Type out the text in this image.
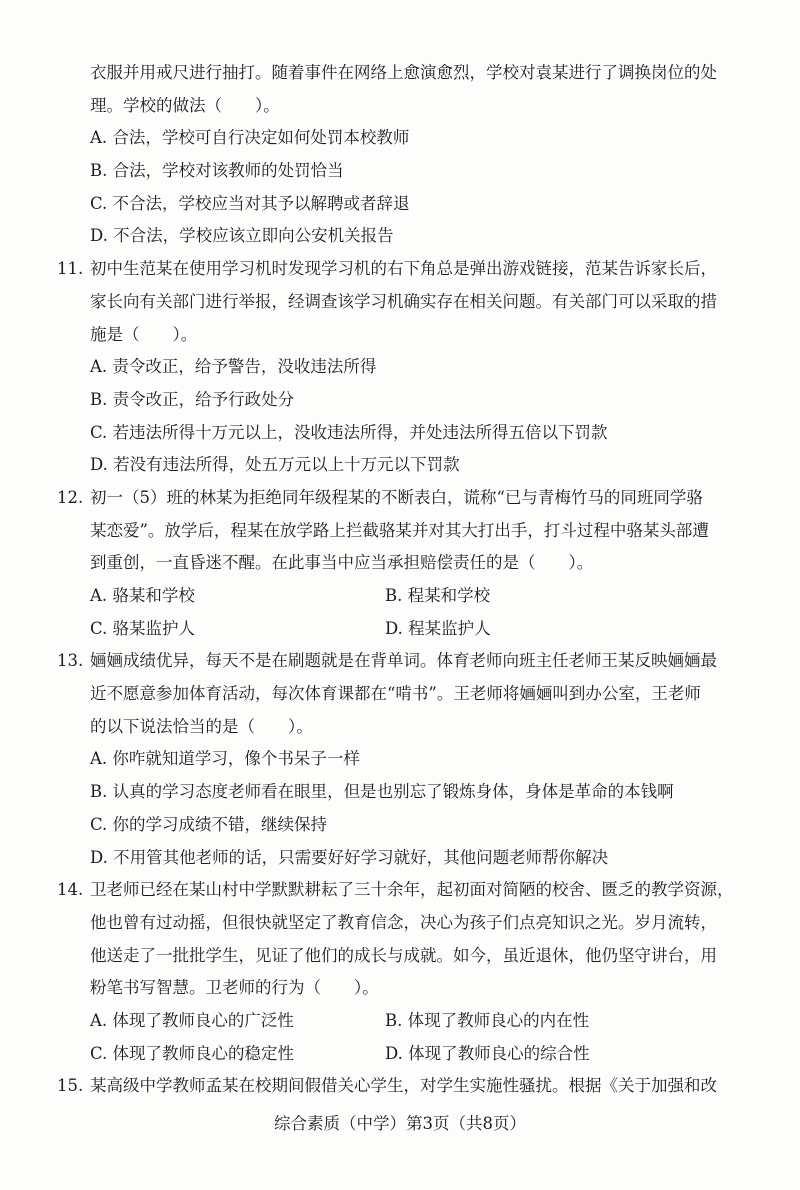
衣服并用戒尺进行抽打。随着事件在网络上愈演愈烈，学校对袁某进行了调换岗位的处
理。学校的做法（　　）。
A. 合法，学校可自行决定如何处罚本校教师
B. 合法，学校对该教师的处罚恰当
C. 不合法，学校应当对其予以解聘或者辞退
D. 不合法，学校应该立即向公安机关报告
11. 初中生范某在使用学习机时发现学习机的右下角总是弹出游戏链接，范某告诉家长后，
家长向有关部门进行举报，经调查该学习机确实存在相关问题。有关部门可以采取的措
施是（　　）。
A. 责令改正，给予警告，没收违法所得
B. 责令改正，给予行政处分
C. 若违法所得十万元以上，没收违法所得，并处违法所得五倍以下罚款
D. 若没有违法所得，处五万元以上十万元以下罚款
12. 初一（5）班的林某为拒绝同年级程某的不断表白，谎称“已与青梅竹马的同班同学骆
某恋爱”。放学后，程某在放学路上拦截骆某并对其大打出手，打斗过程中骆某头部遭
到重创，一直昏迷不醒。在此事当中应当承担赔偿责任的是（　　）。
A. 骆某和学校	B. 程某和学校
C. 骆某监护人	D. 程某监护人
13. 婳婳成绩优异，每天不是在刷题就是在背单词。体育老师向班主任老师王某反映婳婳最
近不愿意参加体育活动，每次体育课都在“啃书”。王老师将婳婳叫到办公室，王老师
的以下说法恰当的是（　　）。
A. 你咋就知道学习，像个书呆子一样
B. 认真的学习态度老师看在眼里，但是也别忘了锻炼身体，身体是革命的本钱啊
C. 你的学习成绩不错，继续保持
D. 不用管其他老师的话，只需要好好学习就好，其他问题老师帮你解决
14. 卫老师已经在某山村中学默默耕耘了三十余年，起初面对简陋的校舍、匮乏的教学资源，
他也曾有过动摇，但很快就坚定了教育信念，决心为孩子们点亮知识之光。岁月流转，
他送走了一批批学生，见证了他们的成长与成就。如今，虽近退休，他仍坚守讲台，用
粉笔书写智慧。卫老师的行为（　　）。
A. 体现了教师良心的广泛性	B. 体现了教师良心的内在性
C. 体现了教师良心的稳定性	D. 体现了教师良心的综合性
15. 某高级中学教师孟某在校期间假借关心学生，对学生实施性骚扰。根据《关于加强和改
综合素质（中学）第3页（共8页）
